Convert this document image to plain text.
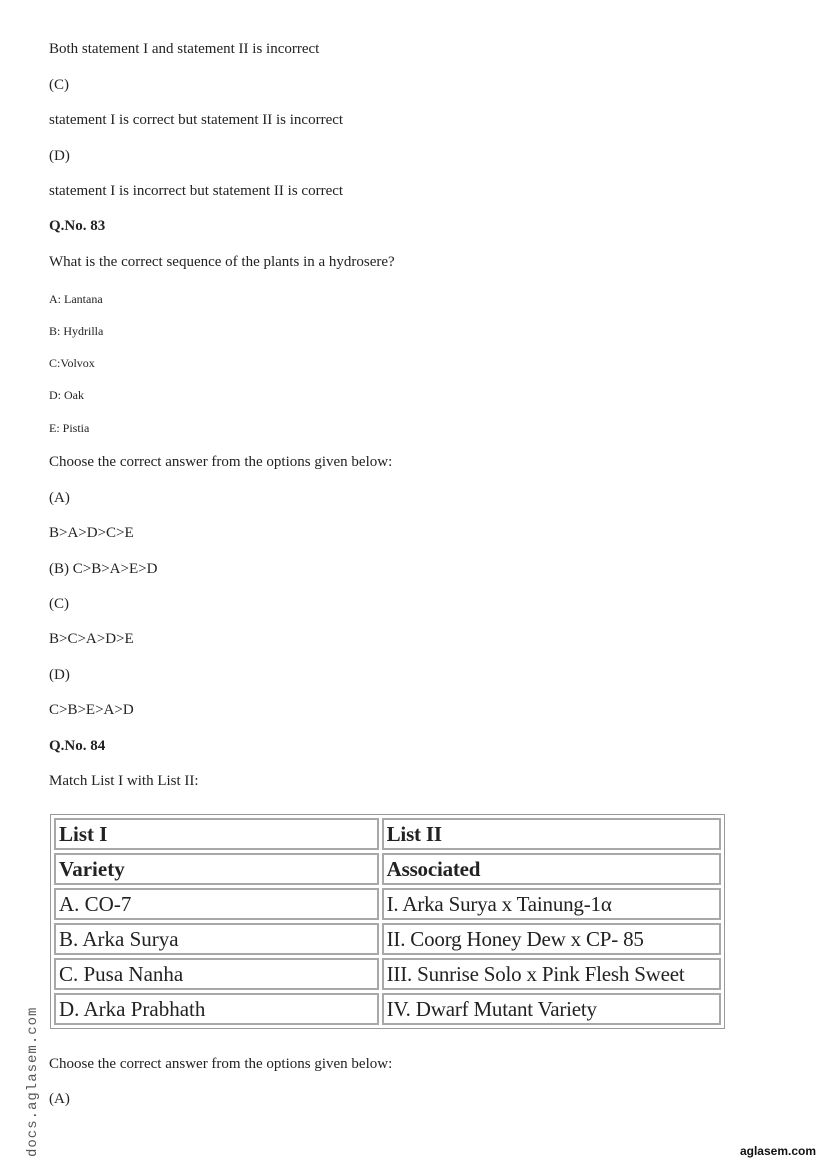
Both statement I and statement II is incorrect
(C)
statement I is correct but statement II is incorrect
(D)
statement I is incorrect but statement II is correct
Q.No. 83
What is the correct sequence of the plants in a hydrosere?
A: Lantana
B: Hydrilla
C:Volvox
D: Oak
E: Pistia
Choose the correct answer from the options given below:
(A)
B>A>D>C>E
(B) C>B>A>E>D
(C)
B>C>A>D>E
(D)
C>B>E>A>D
Q.No. 84
Match List I with List II:
List I	List II
Variety	Associated
A. CO-7	I. Arka Surya x Tainung-1α
B. Arka Surya	II. Coorg Honey Dew x CP- 85
C. Pusa Nanha	III. Sunrise Solo x Pink Flesh Sweet
D. Arka Prabhath	IV. Dwarf Mutant Variety
Choose the correct answer from the options given below:
(A)
docs.aglasem.com	aglasem.com
